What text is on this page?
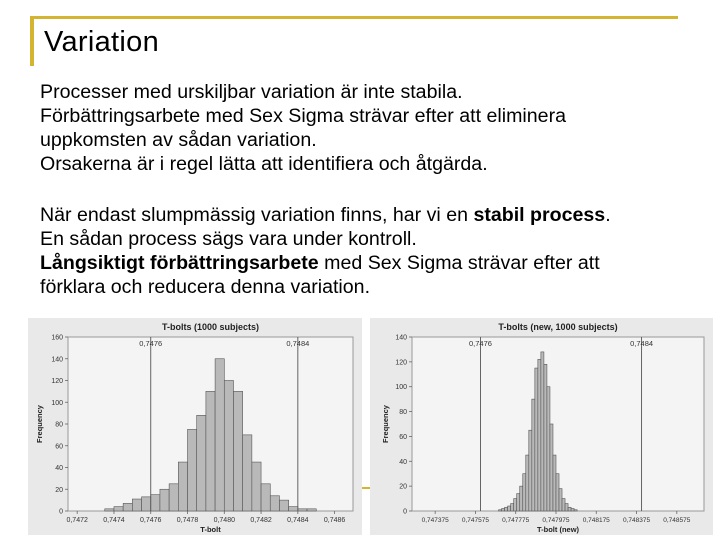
Variation

Processer med urskiljbar variation är inte stabila.

Förbättringsarbete med Sex Sigma strävar efter att eliminera

uppkomsten av sådan variation.

Orsakerna är i regel lätta att identifiera och åtgärda.

När endast slumpmässig variation finns, har vi en stabil process.

En sådan process sägs vara under kontroll.

Långsiktigt förbättringsarbete med Sex Sigma strävar efter att

förklara och reducera denna variation.

T-bolts (1000 subjects)
0
20
40
60
80
100
120
140
160
0,7472 0,7474 0,7476 0,7478 0,7480 0,7482 0,7484 0,7486
0,7476	0,7484
T-bolt
Frequency
T-bolts (new, 1000 subjects)
0
20
40
60
80
100
120
140
0,747375 0,747575 0,747775 0,747975 0,748175 0,748375 0,748575
0,7476	0,7484
T-bolt (new)
Frequency
